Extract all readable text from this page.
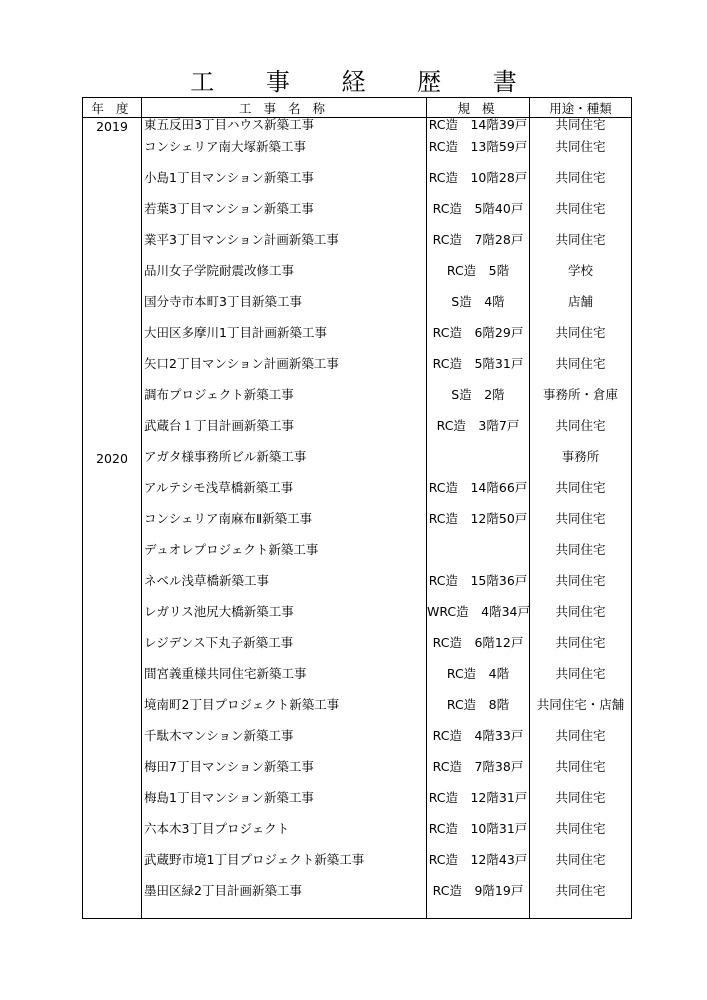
工 事 経 歴 書
年 度	工 事 名 称	規 模	用途・種類
2019	東五反田3丁目ハウス新築工事	RC造　14階39戸	共同住宅
	コンシェリア南大塚新築工事	RC造　13階59戸	共同住宅
	小島1丁目マンション新築工事	RC造　10階28戸	共同住宅
	若葉3丁目マンション新築工事	RC造　5階40戸	共同住宅
	業平3丁目マンション計画新築工事	RC造　7階28戸	共同住宅
	品川女子学院耐震改修工事	RC造　5階	学校
	国分寺市本町3丁目新築工事	S造　4階	店舗
	大田区多摩川1丁目計画新築工事	RC造　6階29戸	共同住宅
	矢口2丁目マンション計画新築工事	RC造　5階31戸	共同住宅
	調布プロジェクト新築工事	S造　2階	事務所・倉庫
	武蔵台１丁目計画新築工事	RC造　3階7戸	共同住宅
2020	アガタ様事務所ビル新築工事		事務所
	アルテシモ浅草橋新築工事	RC造　14階66戸	共同住宅
	コンシェリア南麻布Ⅱ新築工事	RC造　12階50戸	共同住宅
	デュオレプロジェクト新築工事		共同住宅
	ネベル浅草橋新築工事	RC造　15階36戸	共同住宅
	レガリス池尻大橋新築工事	WRC造　4階34戸	共同住宅
	レジデンス下丸子新築工事	RC造　6階12戸	共同住宅
	間宮義重様共同住宅新築工事	RC造　4階	共同住宅
	境南町2丁目プロジェクト新築工事	RC造　8階	共同住宅・店舗
	千駄木マンション新築工事	RC造　4階33戸	共同住宅
	梅田7丁目マンション新築工事	RC造　7階38戸	共同住宅
	梅島1丁目マンション新築工事	RC造　12階31戸	共同住宅
	六本木3丁目プロジェクト	RC造　10階31戸	共同住宅
	武蔵野市境1丁目プロジェクト新築工事	RC造　12階43戸	共同住宅
	墨田区緑2丁目計画新築工事	RC造　9階19戸	共同住宅
